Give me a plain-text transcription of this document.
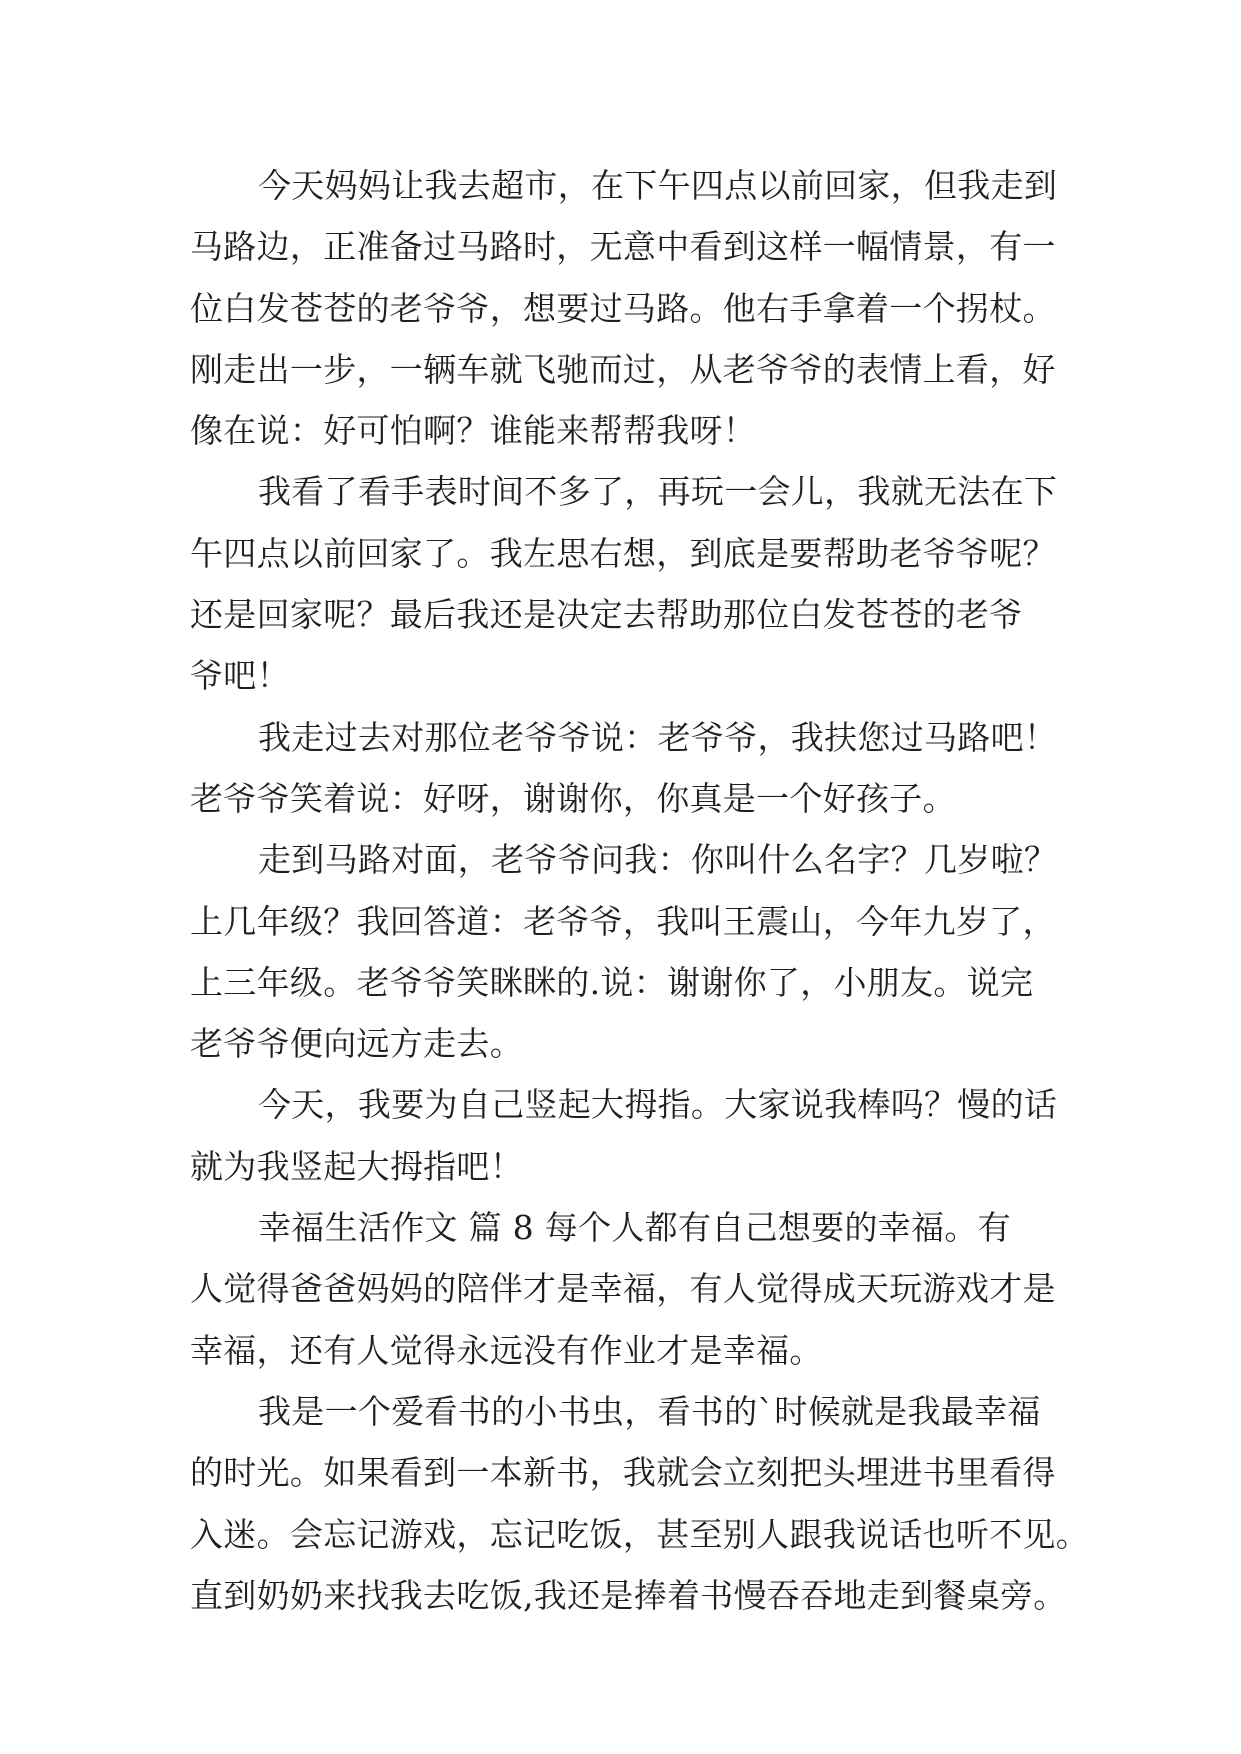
今天妈妈让我去超市，在下午四点以前回家，但我走到
马路边，正准备过马路时，无意中看到这样一幅情景，有一
位白发苍苍的老爷爷，想要过马路。他右手拿着一个拐杖。
刚走出一步，一辆车就飞驰而过，从老爷爷的表情上看，好
像在说：好可怕啊？谁能来帮帮我呀！
我看了看手表时间不多了，再玩一会儿，我就无法在下
午四点以前回家了。我左思右想，到底是要帮助老爷爷呢？
还是回家呢？最后我还是决定去帮助那位白发苍苍的老爷
爷吧！
我走过去对那位老爷爷说：老爷爷，我扶您过马路吧！
老爷爷笑着说：好呀，谢谢你，你真是一个好孩子。
走到马路对面，老爷爷问我：你叫什么名字？几岁啦？
上几年级？我回答道：老爷爷，我叫王震山，今年九岁了，
上三年级。老爷爷笑眯眯的.说：谢谢你了，小朋友。说完
老爷爷便向远方走去。
今天，我要为自己竖起大拇指。大家说我棒吗？慢的话
就为我竖起大拇指吧！
幸福生活作文 篇 8 每个人都有自己想要的幸福。有
人觉得爸爸妈妈的陪伴才是幸福，有人觉得成天玩游戏才是
幸福，还有人觉得永远没有作业才是幸福。
我是一个爱看书的小书虫，看书的`时候就是我最幸福
的时光。如果看到一本新书，我就会立刻把头埋进书里看得
入迷。会忘记游戏，忘记吃饭，甚至别人跟我说话也听不见。
直到奶奶来找我去吃饭,我还是捧着书慢吞吞地走到餐桌旁。
